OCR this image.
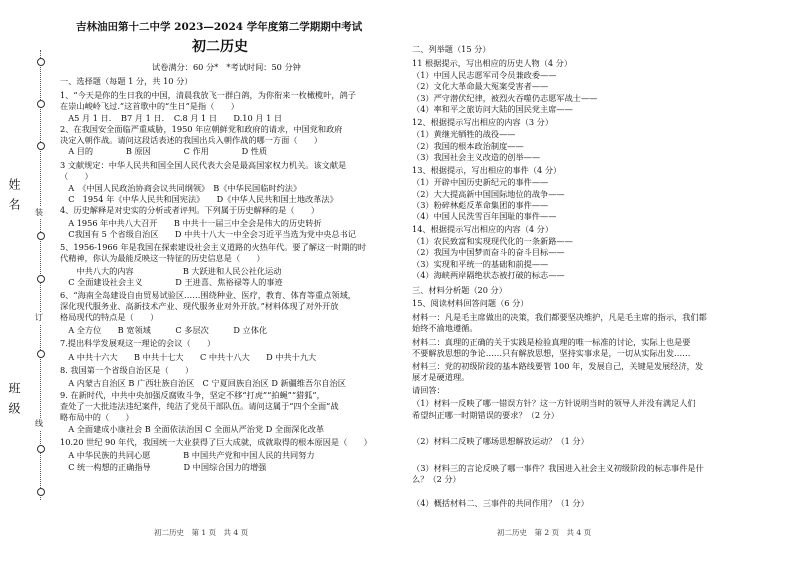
姓 名
班 级
装
订
线
吉林油田第十二中学 2023—2024 学年度第二学期期中考试
初二历史
试卷满分：60 分*　*考试时间：50 分钟
一、选择题（每题 1 分，共 10 分）
1、“今天是你的生日我的中国，清晨我放飞一群白鸽，为你衔来一枚橄榄叶，鸽子
在崇山峻岭飞过.”这首歌中的“生日”是指（　　）
　A5 月 1 日．　B7 月 1 日．　C.8 月 1 日　　D.10 月 1 日
2、在我国安全面临严重威胁，1950 年应朝鲜党和政府的请求，中国党和政府
决定入朝作战。请问这段话表述的我国出兵入朝作战的哪一方面（　　）
　A 目的　　　　B 原因　　　　C 作用　　　　D 性质
3 文献规定：中华人民共和国全国人民代表大会是最高国家权力机关。该文献是
（　　）
　A　《中国人民政治协商会议共同纲领》　B《中华民国临时约法》
　C　1954 年《中华人民共和国宪法》　　D《中华人民共和国土地改革法》
4、历史解释是对史实的分析或者评判。下列属于历史解释的是（　　）
　A 1956 年中共八大召开　　B 中共十一届三中全会是伟大的历史转折
　C我国有 5 个省级自治区　　D 中共十八大一中全会习近平当选为党中央总书记
5、1956-1966 年是我国在探索建设社会主义道路的火热年代。要了解这一时期的时
代精神，你认为最能反映这一特征的历史信息是（　　）
　　中共八大的内容　　　　　　B 大跃进和人民公社化运动
　C 全面建设社会主义　　　　D 王进喜、焦裕禄等人的事迹
6、“海南全岛建设自由贸易试验区……围绕种业、医疗，教育、体育等重点领域，
深化现代服务业、高新技术产业、现代服务业对外开放。”材料体现了对外开放
格局现代的特点是（　　）
　A 全方位　　B 宽领域　　　C 多层次　　　D 立体化
7.提出科学发展观这一理论的会议（　　）
　A 中共十六大　　B 中共十七大　　C 中共十八大　　D 中共十九大
8. 我国第一个省级自治区是（　　）
　A 内蒙古自治区 B 广西壮族自治区　C 宁夏回族自治区 D 新疆维吾尔自治区
9. 在新时代，中共中央加强反腐败斗争，坚定不移“打虎”“拍蝇”“猎狐”，
查处了一大批违法违纪案件，纯洁了党员干部队伍。请问这属于“四个全面”战
略布局中的（　　）
　A 全面建成小康社会 B 全面依法治国 C 全面从严治党 D 全面深化改革
10.20 世纪 90 年代，我国统一大业获得了巨大成就，成就取得的根本原因是（　　）
　A 中华民族的共同心愿　　　　B 中国共产党和中国人民的共同努力
　C 统一构想的正确指导　　　　D 中国综合国力的增强
二、列举题（15 分）
11 根据提示，写出相应的历史人物（4 分）
（1）中国人民志愿军司令员兼政委——
（2）文化大革命最大冤案受害者——
（3）严守潜伏纪律，被烈火吞噬仍志愿军战士——
（4）率和平之旅访问大陆的国民党主席——
12、根据提示写出相应的内容（3 分）
（1）黄继光牺牲的战役——
（2）我国的根本政治制度——
（3）我国社会主义改造的创举——
13、根据提示，写出相应的事件（4 分）
（1）开辟中国历史新纪元的事件——
（2）大大提高新中国国际地位的战争——
（3）粉碎林彪反革命集团的事件——
（4）中国人民洗雪百年国耻的事件——
14、根据提示写出相应的内容（4 分）
（1）农民致富和实现现代化的一条新路——
（2）我国为中国梦而奋斗的奋斗目标——
（3）实现和平统一的基础和前提——
（4）海峡两岸隔绝状态被打破的标志——
三、材料分析题（20 分）
15、阅读材料回答问题（6 分）
材料一：凡是毛主席做出的决策，我们都要坚决维护，凡是毛主席的指示，我们都
始终不渝地遵循。
材料二：真理的正确的关于实践是检验真理的唯一标准的讨论，实际上也是要
不要解放思想的争论……只有解放思想，坚持实事求是，一切从实际出发……
材料三：党的初级阶段的基本路线要管 100 年，发展自己，关键是发展经济，发
展才是硬道理。
请回答：
（1）材料一反映了哪一错误方针？这一方针说明当时的领导人并没有满足人们
希望纠正哪一时期错误的要求？（2 分）
（2）材料二反映了哪场思想解放运动？（1 分）
（3）材料三的言论反映了哪一事件？我国进入社会主义初级阶段的标志事件是什
么？（2 分）
（4）概括材料二、三事件的共同作用？（1 分）
初二历史　第 1 页　共 4 页	初二历史　第 2 页　共 4 页
